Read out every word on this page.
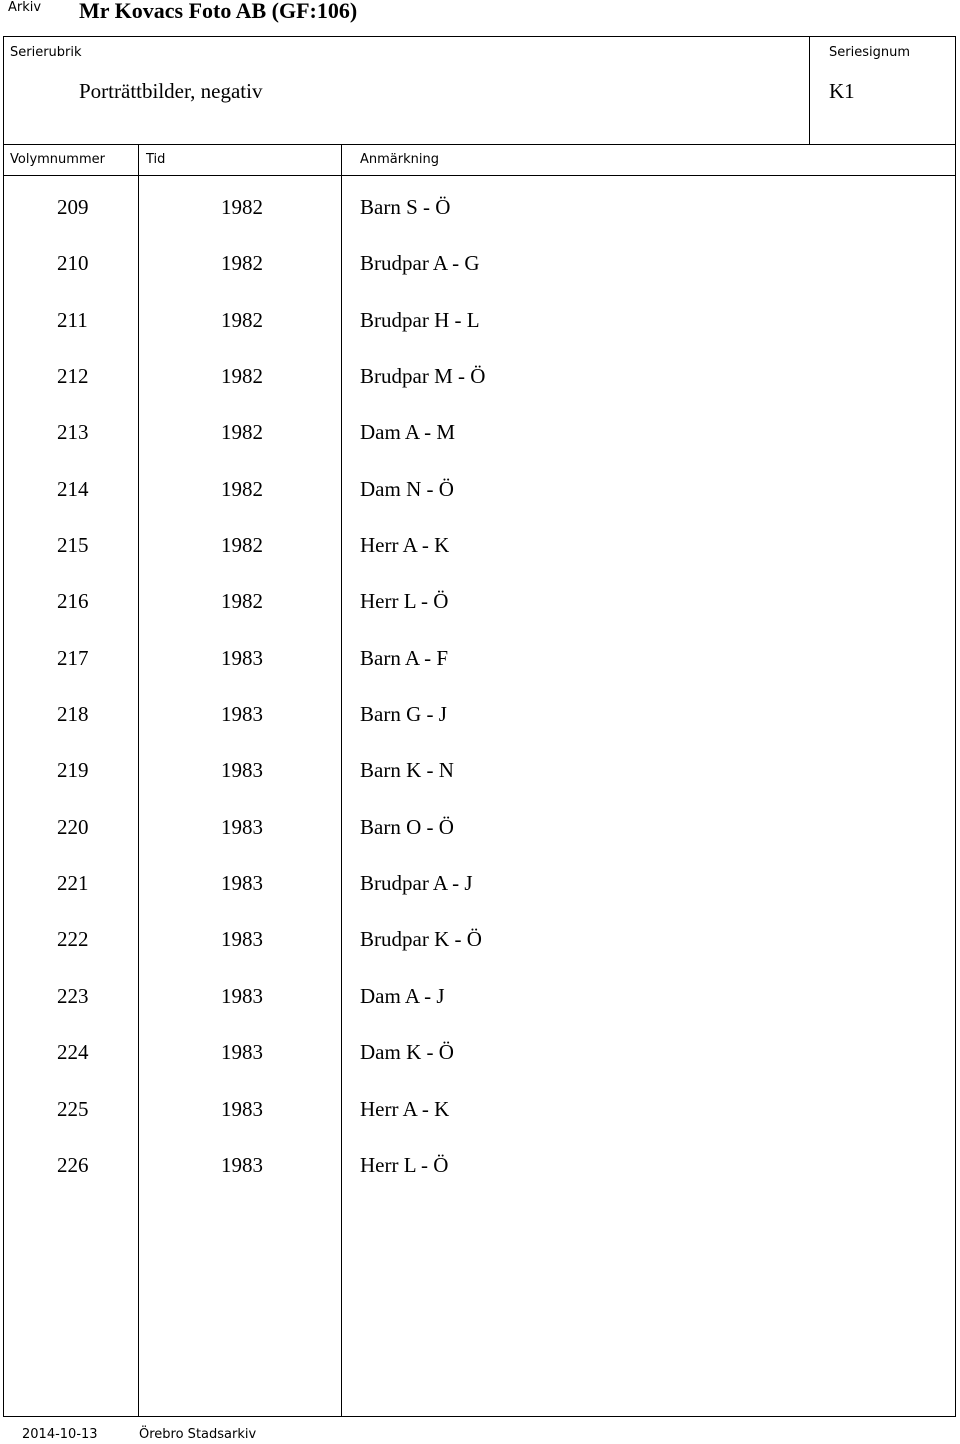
Arkiv Mr Kovacs Foto AB (GF:106)
Serierubrik
Porträttbilder, negativ
Seriesignum
K1
Volymnummer	Tid	Anmärkning
209	1982	Barn S - Ö
210	1982	Brudpar A - G
211	1982	Brudpar H - L
212	1982	Brudpar M - Ö
213	1982	Dam A - M
214	1982	Dam N - Ö
215	1982	Herr A - K
216	1982	Herr L - Ö
217	1983	Barn A - F
218	1983	Barn G - J
219	1983	Barn K - N
220	1983	Barn O - Ö
221	1983	Brudpar A - J
222	1983	Brudpar K - Ö
223	1983	Dam A - J
224	1983	Dam K - Ö
225	1983	Herr A - K
226	1983	Herr L - Ö
2014-10-13	Örebro Stadsarkiv
